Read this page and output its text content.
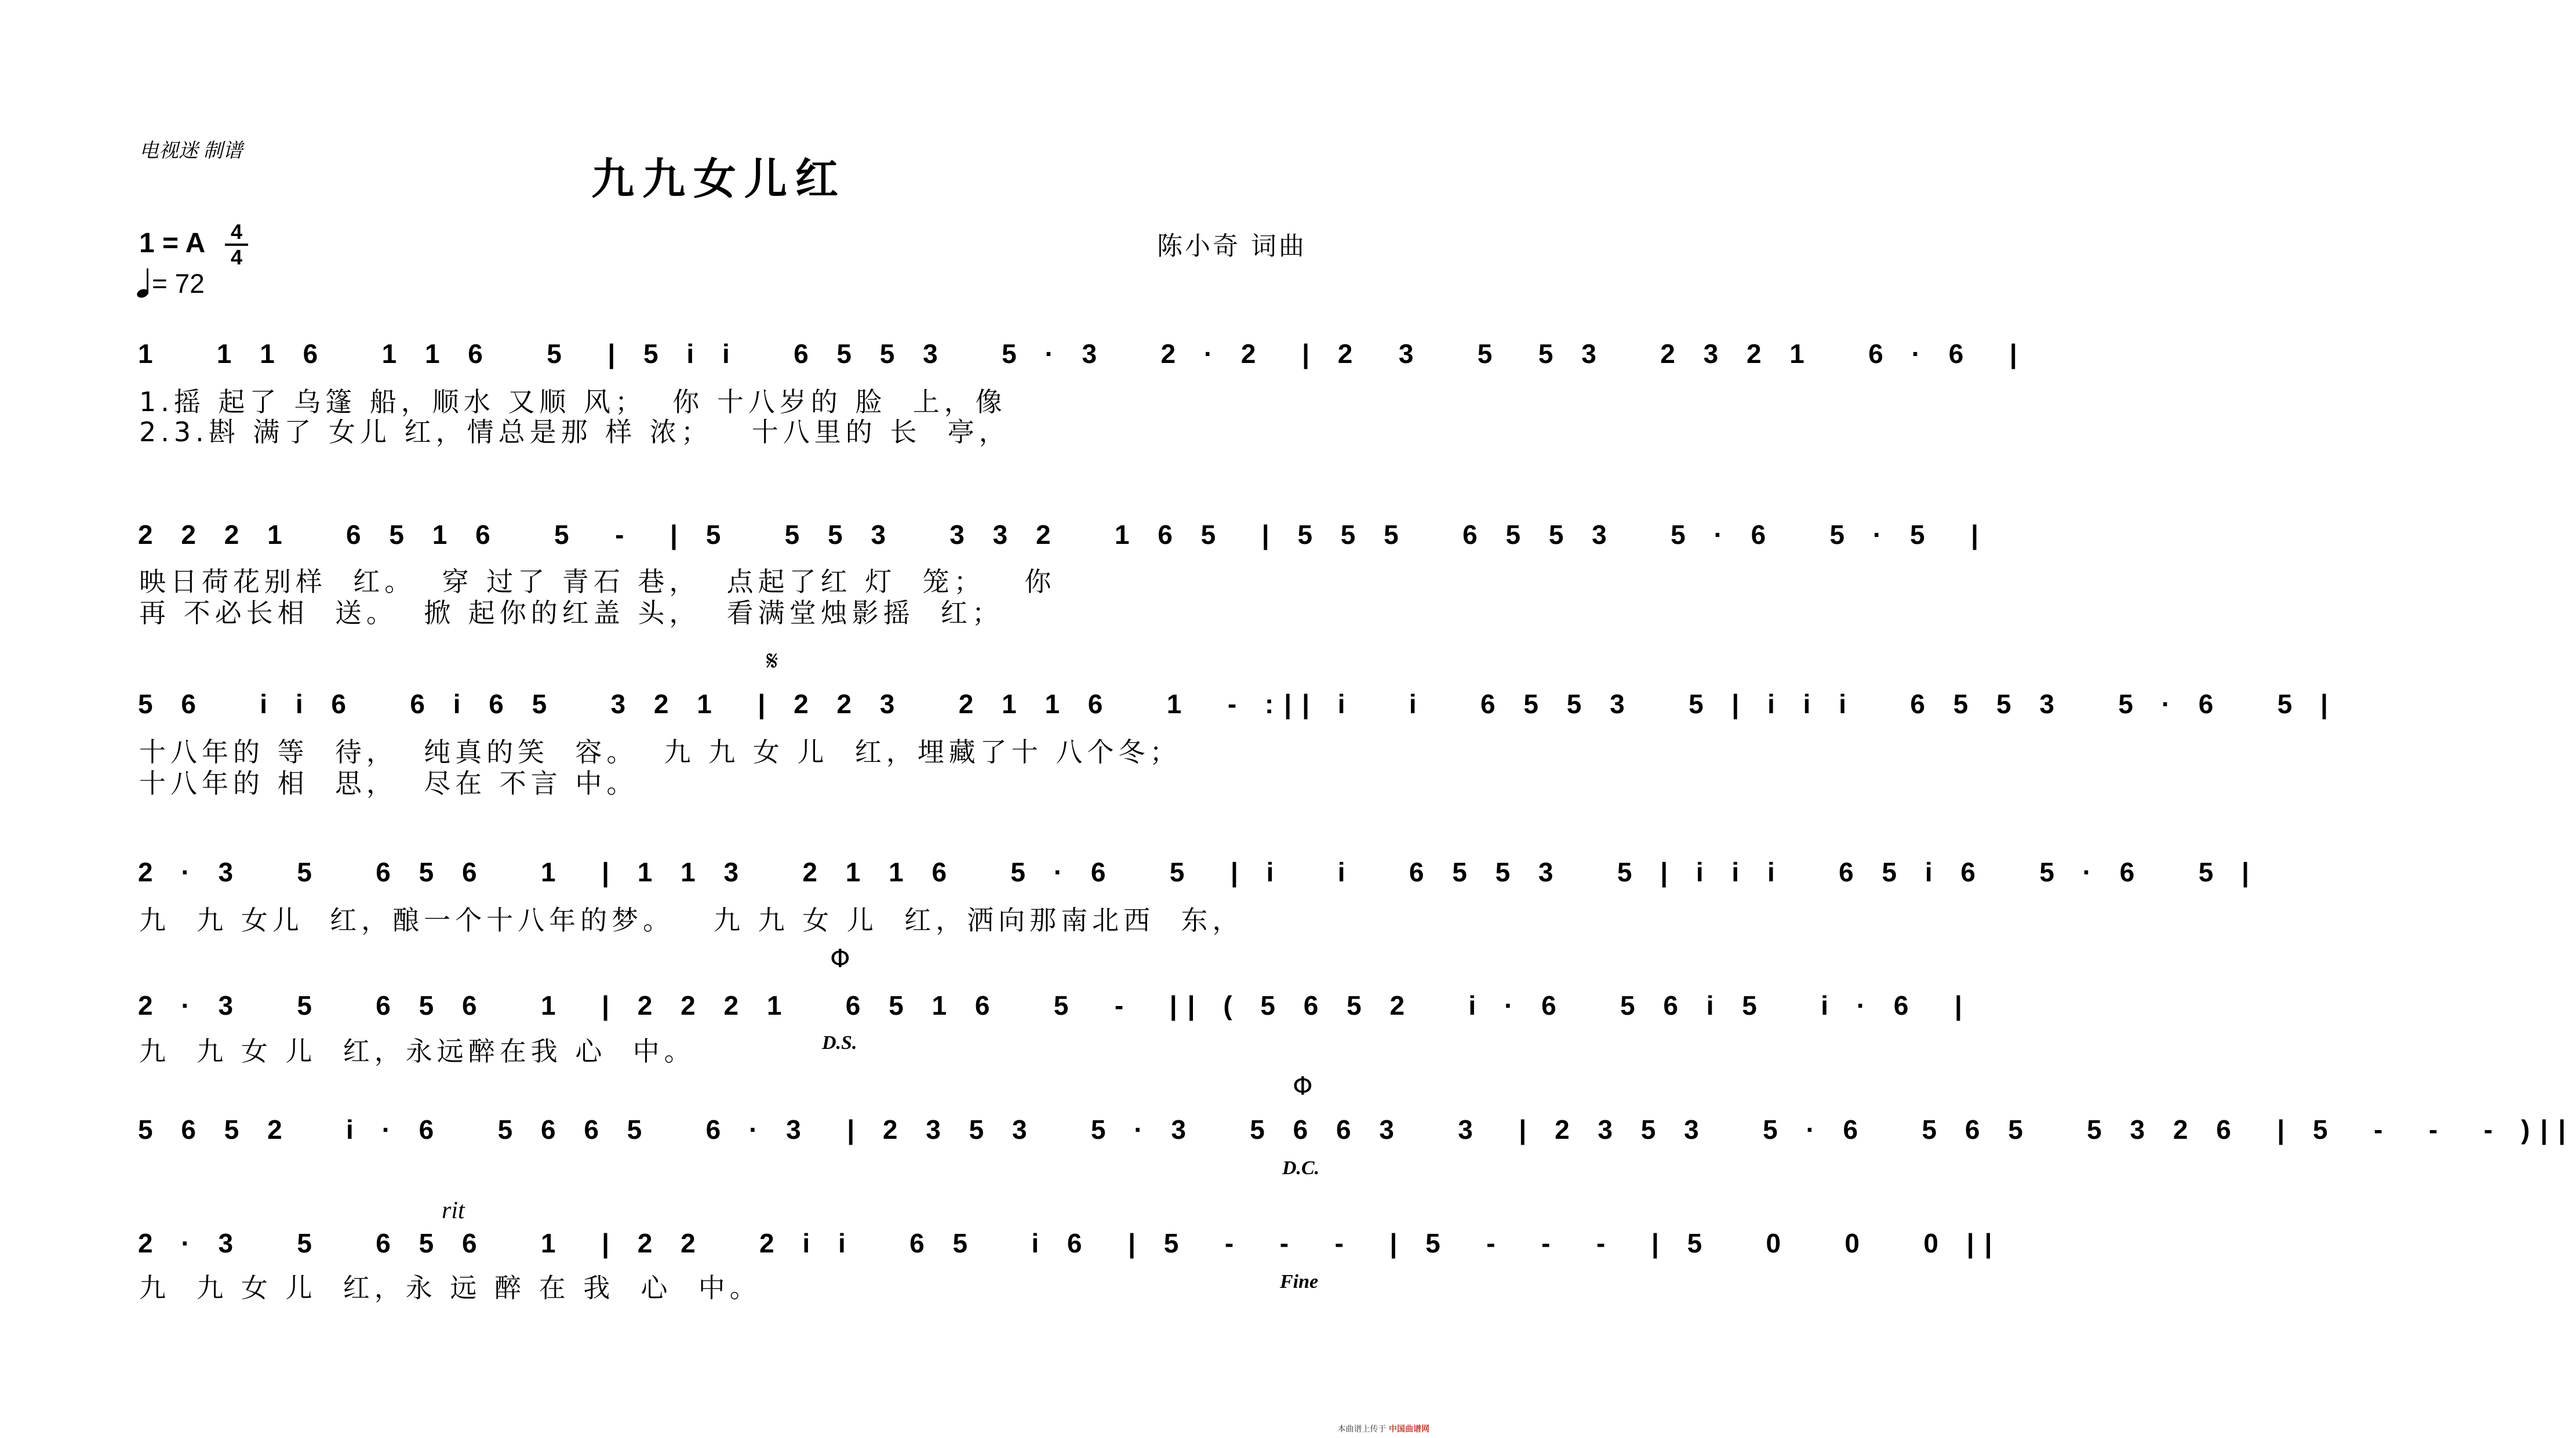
电视迷 制谱
九九女儿红
1 = A 4
4
= 72
陈小奇 词曲
1   1 1 6   1 1 6   5  | 5 i i   6 5 5 3   5 · 3   2 · 2  | 2  3   5  5 3   2 3 2 1   6 · 6  |
1.摇 起了 乌篷 船，顺水 又顺 风；  你 十八岁的 脸  上，像
2.3.斟 满了 女儿 红，情总是那 样 浓；   十八里的 长  亭，
2 2 2 1   6 5 1 6   5  -  | 5   5 5 3   3 3 2   1 6 5  | 5 5 5   6 5 5 3   5 · 6   5 · 5  |
映日荷花别样  红。  穿 过了 青石 巷，  点起了红 灯  笼；   你
再 不必长相  送。  掀 起你的红盖 头，  看满堂烛影摇  红；
𝄋
5 6   i i 6   6 i 6 5   3 2 1  | 2 2 3   2 1 1 6   1  - :|| i   i   6 5 5 3   5 | i i i   6 5 5 3   5 · 6   5 |
十八年的 等  待，  纯真的笑  容。  九 九 女 儿  红，埋藏了十 八个冬；
十八年的 相  思，  尽在 不言 中。
2 · 3   5   6 5 6   1  | 1 1 3   2 1 1 6   5 · 6   5  | i   i   6 5 5 3   5 | i i i   6 5 i 6   5 · 6   5 |
九  九 女儿  红，酿一个十八年的梦。   九 九 女 儿  红，洒向那南北西  东，
Φ
2 · 3   5   6 5 6   1  | 2 2 2 1   6 5 1 6   5  -  || ( 5 6 5 2   i · 6   5 6 i 5   i · 6  |
D.S.
九  九 女 儿  红，永远醉在我 心  中。
Φ
5 6 5 2   i · 6   5 6 6 5   6 · 3  | 2 3 5 3   5 · 3   5 6 6 3   3  | 2 3 5 3   5 · 6   5 6 5   5 3 2 6  | 5  -  -  - )||
D.C.
rit
2 · 3   5   6 5 6   1  | 2 2   2 i i   6 5   i 6  | 5  -  -  -  | 5  -  -  -  | 5   0   0   0 ||
Fine
九  九 女 儿  红，永 远 醉 在 我  心  中。
本曲谱上传于 中国曲谱网
